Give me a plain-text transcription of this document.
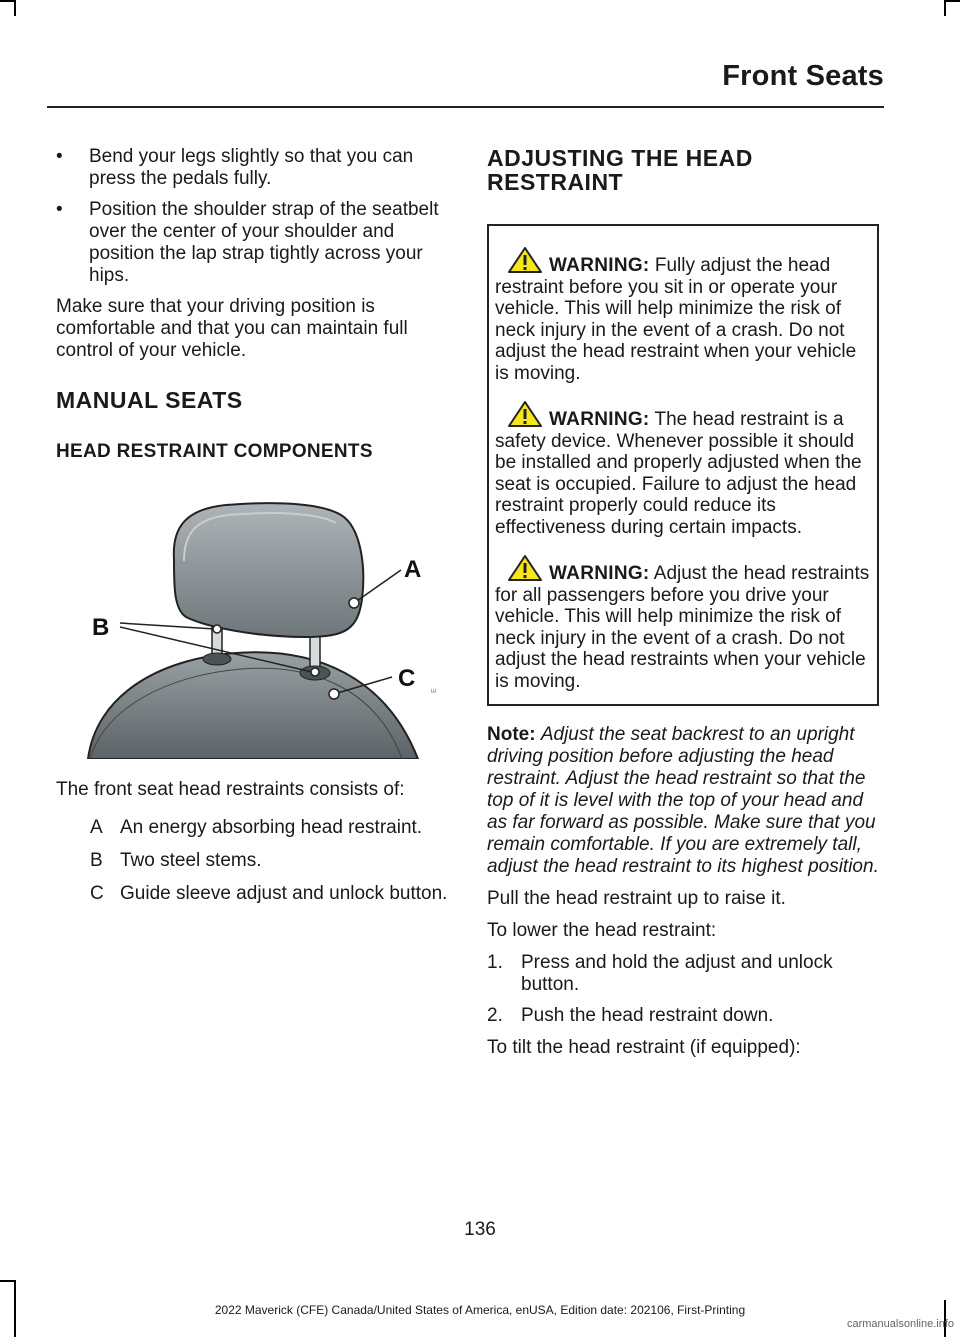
Front Seats
• Bend your legs slightly so that you can press the pedals fully.
• Position the shoulder strap of the seatbelt over the center of your shoulder and position the lap strap tightly across your hips.

Make sure that your driving position is comfortable and that you can maintain full control of your vehicle.

MANUAL SEATS
HEAD RESTRAINT COMPONENTS
A
B
C E

The front seat head restraints consists of:

A An energy absorbing head restraint.
B Two steel stems.
C Guide sleeve adjust and unlock button.
ADJUSTING THE HEAD RESTRAINT
WARNING: Fully adjust the head restraint before you sit in or operate your vehicle. This will help minimize the risk of neck injury in the event of a crash. Do not adjust the head restraint when your vehicle is moving.
WARNING: The head restraint is a safety device. Whenever possible it should be installed and properly adjusted when the seat is occupied. Failure to adjust the head restraint properly could reduce its effectiveness during certain impacts.
WARNING: Adjust the head restraints for all passengers before you drive your vehicle. This will help minimize the risk of neck injury in the event of a crash. Do not adjust the head restraints when your vehicle is moving.

Note: Adjust the seat backrest to an upright driving position before adjusting the head restraint. Adjust the head restraint so that the top of it is level with the top of your head and as far forward as possible. Make sure that you remain comfortable. If you are extremely tall, adjust the head restraint to its highest position.

Pull the head restraint up to raise it.

To lower the head restraint:

1. Press and hold the adjust and unlock button.
2. Push the head restraint down.

To tilt the head restraint (if equipped):

136
2022 Maverick (CFE) Canada/United States of America, enUSA, Edition date: 202106, First-Printing
carmanualsonline.info
